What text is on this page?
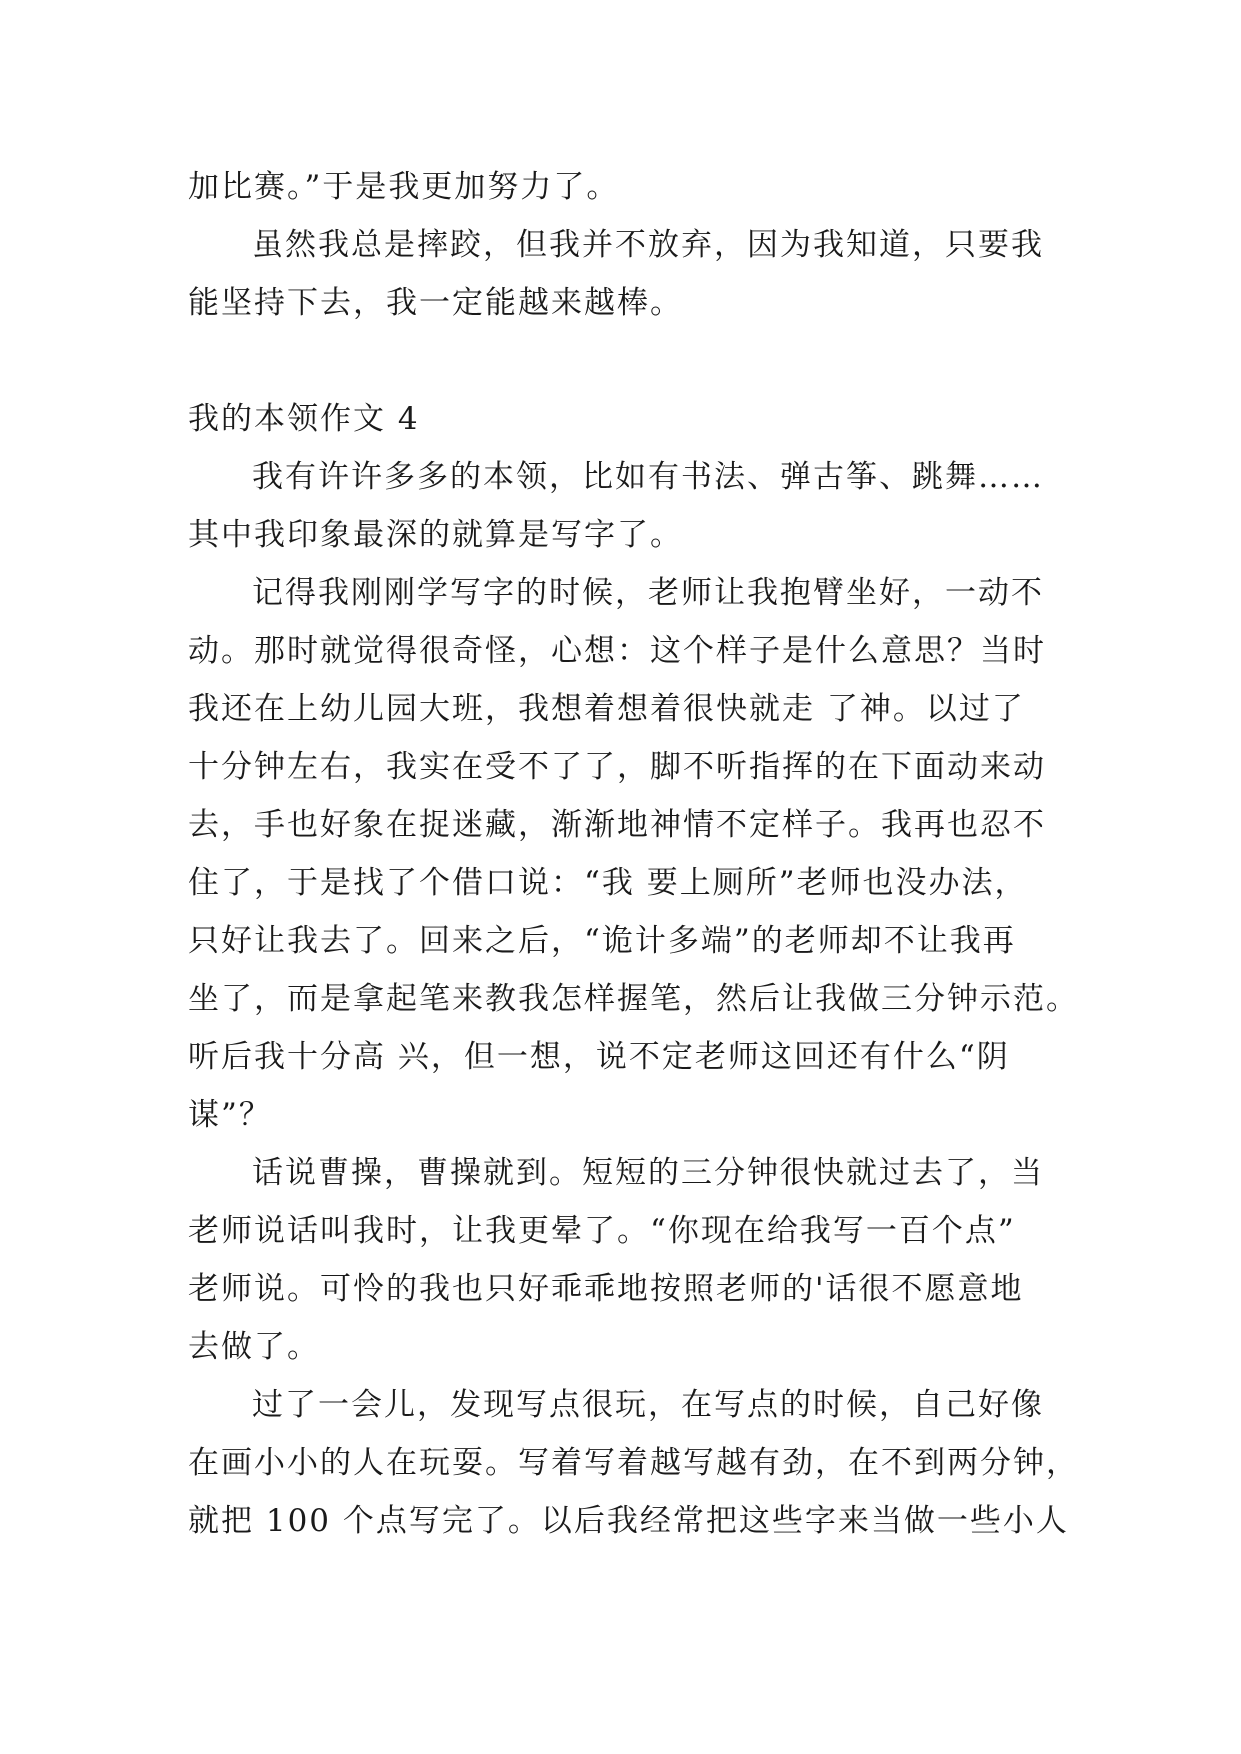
加比赛。”于是我更加努力了。
虽然我总是摔跤，但我并不放弃，因为我知道，只要我
能坚持下去，我一定能越来越棒。
我的本领作文 4
我有许许多多的本领，比如有书法、弹古筝、跳舞……
其中我印象最深的就算是写字了。
记得我刚刚学写字的时候，老师让我抱臂坐好，一动不
动。那时就觉得很奇怪，心想：这个样子是什么意思？当时
我还在上幼儿园大班，我想着想着很快就走 了神。以过了
十分钟左右，我实在受不了了，脚不听指挥的在下面动来动
去，手也好象在捉迷藏，渐渐地神情不定样子。我再也忍不
住了，于是找了个借口说：“我 要上厕所”老师也没办法，
只好让我去了。回来之后，“诡计多端”的老师却不让我再
坐了，而是拿起笔来教我怎样握笔，然后让我做三分钟示范。
听后我十分高 兴，但一想，说不定老师这回还有什么“阴
谋”？
话说曹操，曹操就到。短短的三分钟很快就过去了，当
老师说话叫我时，让我更晕了。“你现在给我写一百个点”
老师说。可怜的我也只好乖乖地按照老师的'话很不愿意地
去做了。
过了一会儿，发现写点很玩，在写点的时候，自己好像
在画小小的人在玩耍。写着写着越写越有劲，在不到两分钟，
就把 100 个点写完了。以后我经常把这些字来当做一些小人
